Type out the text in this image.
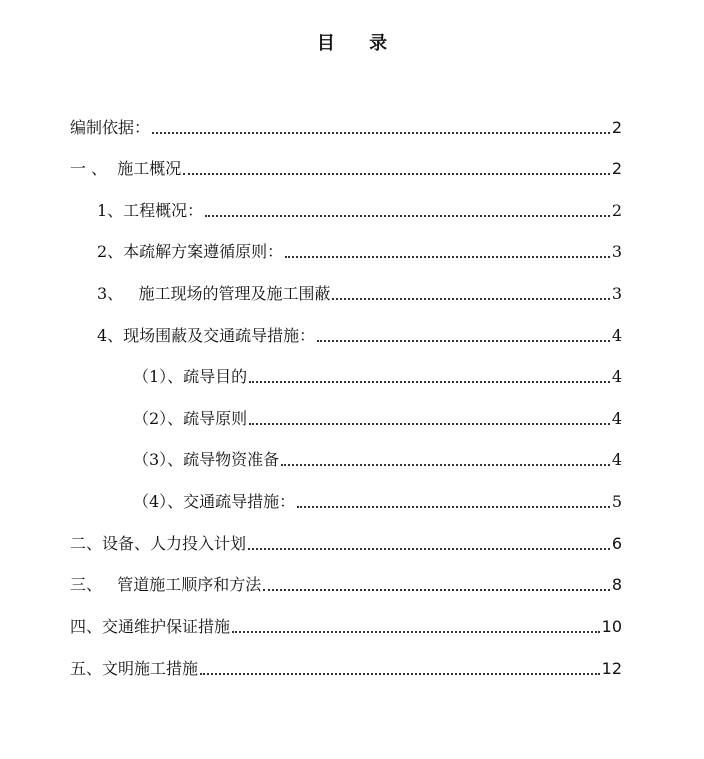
目 录
编制依据：	2
一 、  施工概况	2
1、工程概况：	2
2、本疏解方案遵循原则：	3
3、   施工现场的管理及施工围蔽	3
4、现场围蔽及交通疏导措施：	4
（1）、疏导目的	4
（2）、疏导原则	4
（3）、疏导物资准备	4
（4）、交通疏导措施：	5
二、设备、人力投入计划	6
三、   管道施工顺序和方法	8
四、交通维护保证措施	10
五、文明施工措施	12
